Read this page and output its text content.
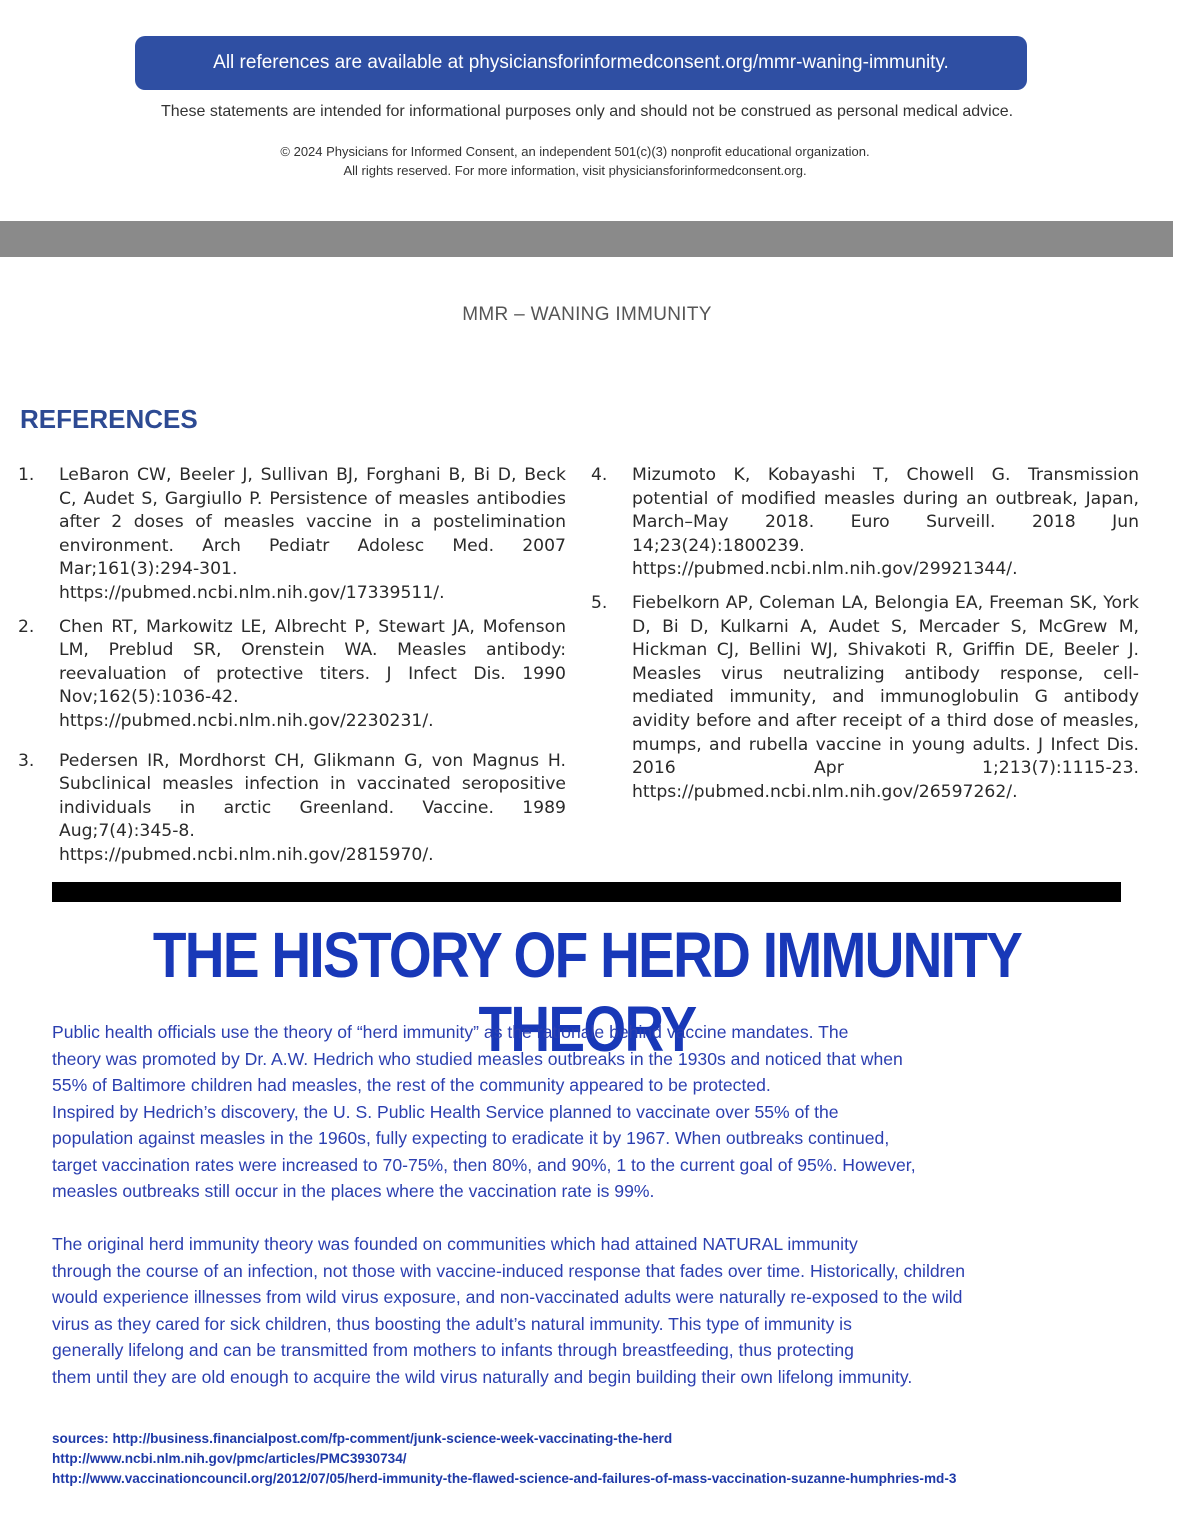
All references are available at physiciansforinformedconsent.org/mmr-waning-immunity.
These statements are intended for informational purposes only and should not be construed as personal medical advice.
© 2024 Physicians for Informed Consent, an independent 501(c)(3) nonprofit educational organization.
All rights reserved. For more information, visit physiciansforinformedconsent.org.
MMR – WANING IMMUNITY
REFERENCES
1. LeBaron CW, Beeler J, Sullivan BJ, Forghani B, Bi D, Beck C, Audet S, Gargiullo P. Persistence of measles antibodies after 2 doses of measles vaccine in a postelimination environment. Arch Pediatr Adolesc Med. 2007 Mar;161(3):294-301. https://pubmed.ncbi.nlm.nih.gov/17339511/.
2. Chen RT, Markowitz LE, Albrecht P, Stewart JA, Mofenson LM, Preblud SR, Orenstein WA. Measles antibody: reevaluation of protective titers. J Infect Dis. 1990 Nov;162(5):1036-42. https://pubmed.ncbi.nlm.nih.gov/2230231/.
3. Pedersen IR, Mordhorst CH, Glikmann G, von Magnus H. Subclinical measles infection in vaccinated seropositive individuals in arctic Greenland. Vaccine. 1989 Aug;7(4):345-8. https://pubmed.ncbi.nlm.nih.gov/2815970/.
4. Mizumoto K, Kobayashi T, Chowell G. Transmission potential of modified measles during an outbreak, Japan, March–May 2018. Euro Surveill. 2018 Jun 14;23(24):1800239. https://pubmed.ncbi.nlm.nih.gov/29921344/.
5. Fiebelkorn AP, Coleman LA, Belongia EA, Freeman SK, York D, Bi D, Kulkarni A, Audet S, Mercader S, McGrew M, Hickman CJ, Bellini WJ, Shivakoti R, Griffin DE, Beeler J. Measles virus neutralizing antibody response, cell-mediated immunity, and immunoglobulin G antibody avidity before and after receipt of a third dose of measles, mumps, and rubella vaccine in young adults. J Infect Dis. 2016 Apr 1;213(7):1115-23. https://pubmed.ncbi.nlm.nih.gov/26597262/.
THE HISTORY OF HERD IMMUNITY THEORY
Public health officials use the theory of “herd immunity” as the rationale behind vaccine mandates. The
theory was promoted by Dr. A.W. Hedrich who studied measles outbreaks in the 1930s and noticed that when
55% of Baltimore children had measles, the rest of the community appeared to be protected.
Inspired by Hedrich’s discovery, the U. S. Public Health Service planned to vaccinate over 55% of the
population against measles in the 1960s, fully expecting to eradicate it by 1967. When outbreaks continued,
target vaccination rates were increased to 70-75%, then 80%, and 90%, 1 to the current goal of 95%. However,
measles outbreaks still occur in the places where the vaccination rate is 99%.
The original herd immunity theory was founded on communities which had attained NATURAL immunity
through the course of an infection, not those with vaccine-induced response that fades over time. Historically, children
would experience illnesses from wild virus exposure, and non-vaccinated adults were naturally re-exposed to the wild
virus as they cared for sick children, thus boosting the adult’s natural immunity. This type of immunity is
generally lifelong and can be transmitted from mothers to infants through breastfeeding, thus protecting
them until they are old enough to acquire the wild virus naturally and begin building their own lifelong immunity.
sources: http://business.financialpost.com/fp-comment/junk-science-week-vaccinating-the-herd
http://www.ncbi.nlm.nih.gov/pmc/articles/PMC3930734/
http://www.vaccinationcouncil.org/2012/07/05/herd-immunity-the-flawed-science-and-failures-of-mass-vaccination-suzanne-humphries-md-3
